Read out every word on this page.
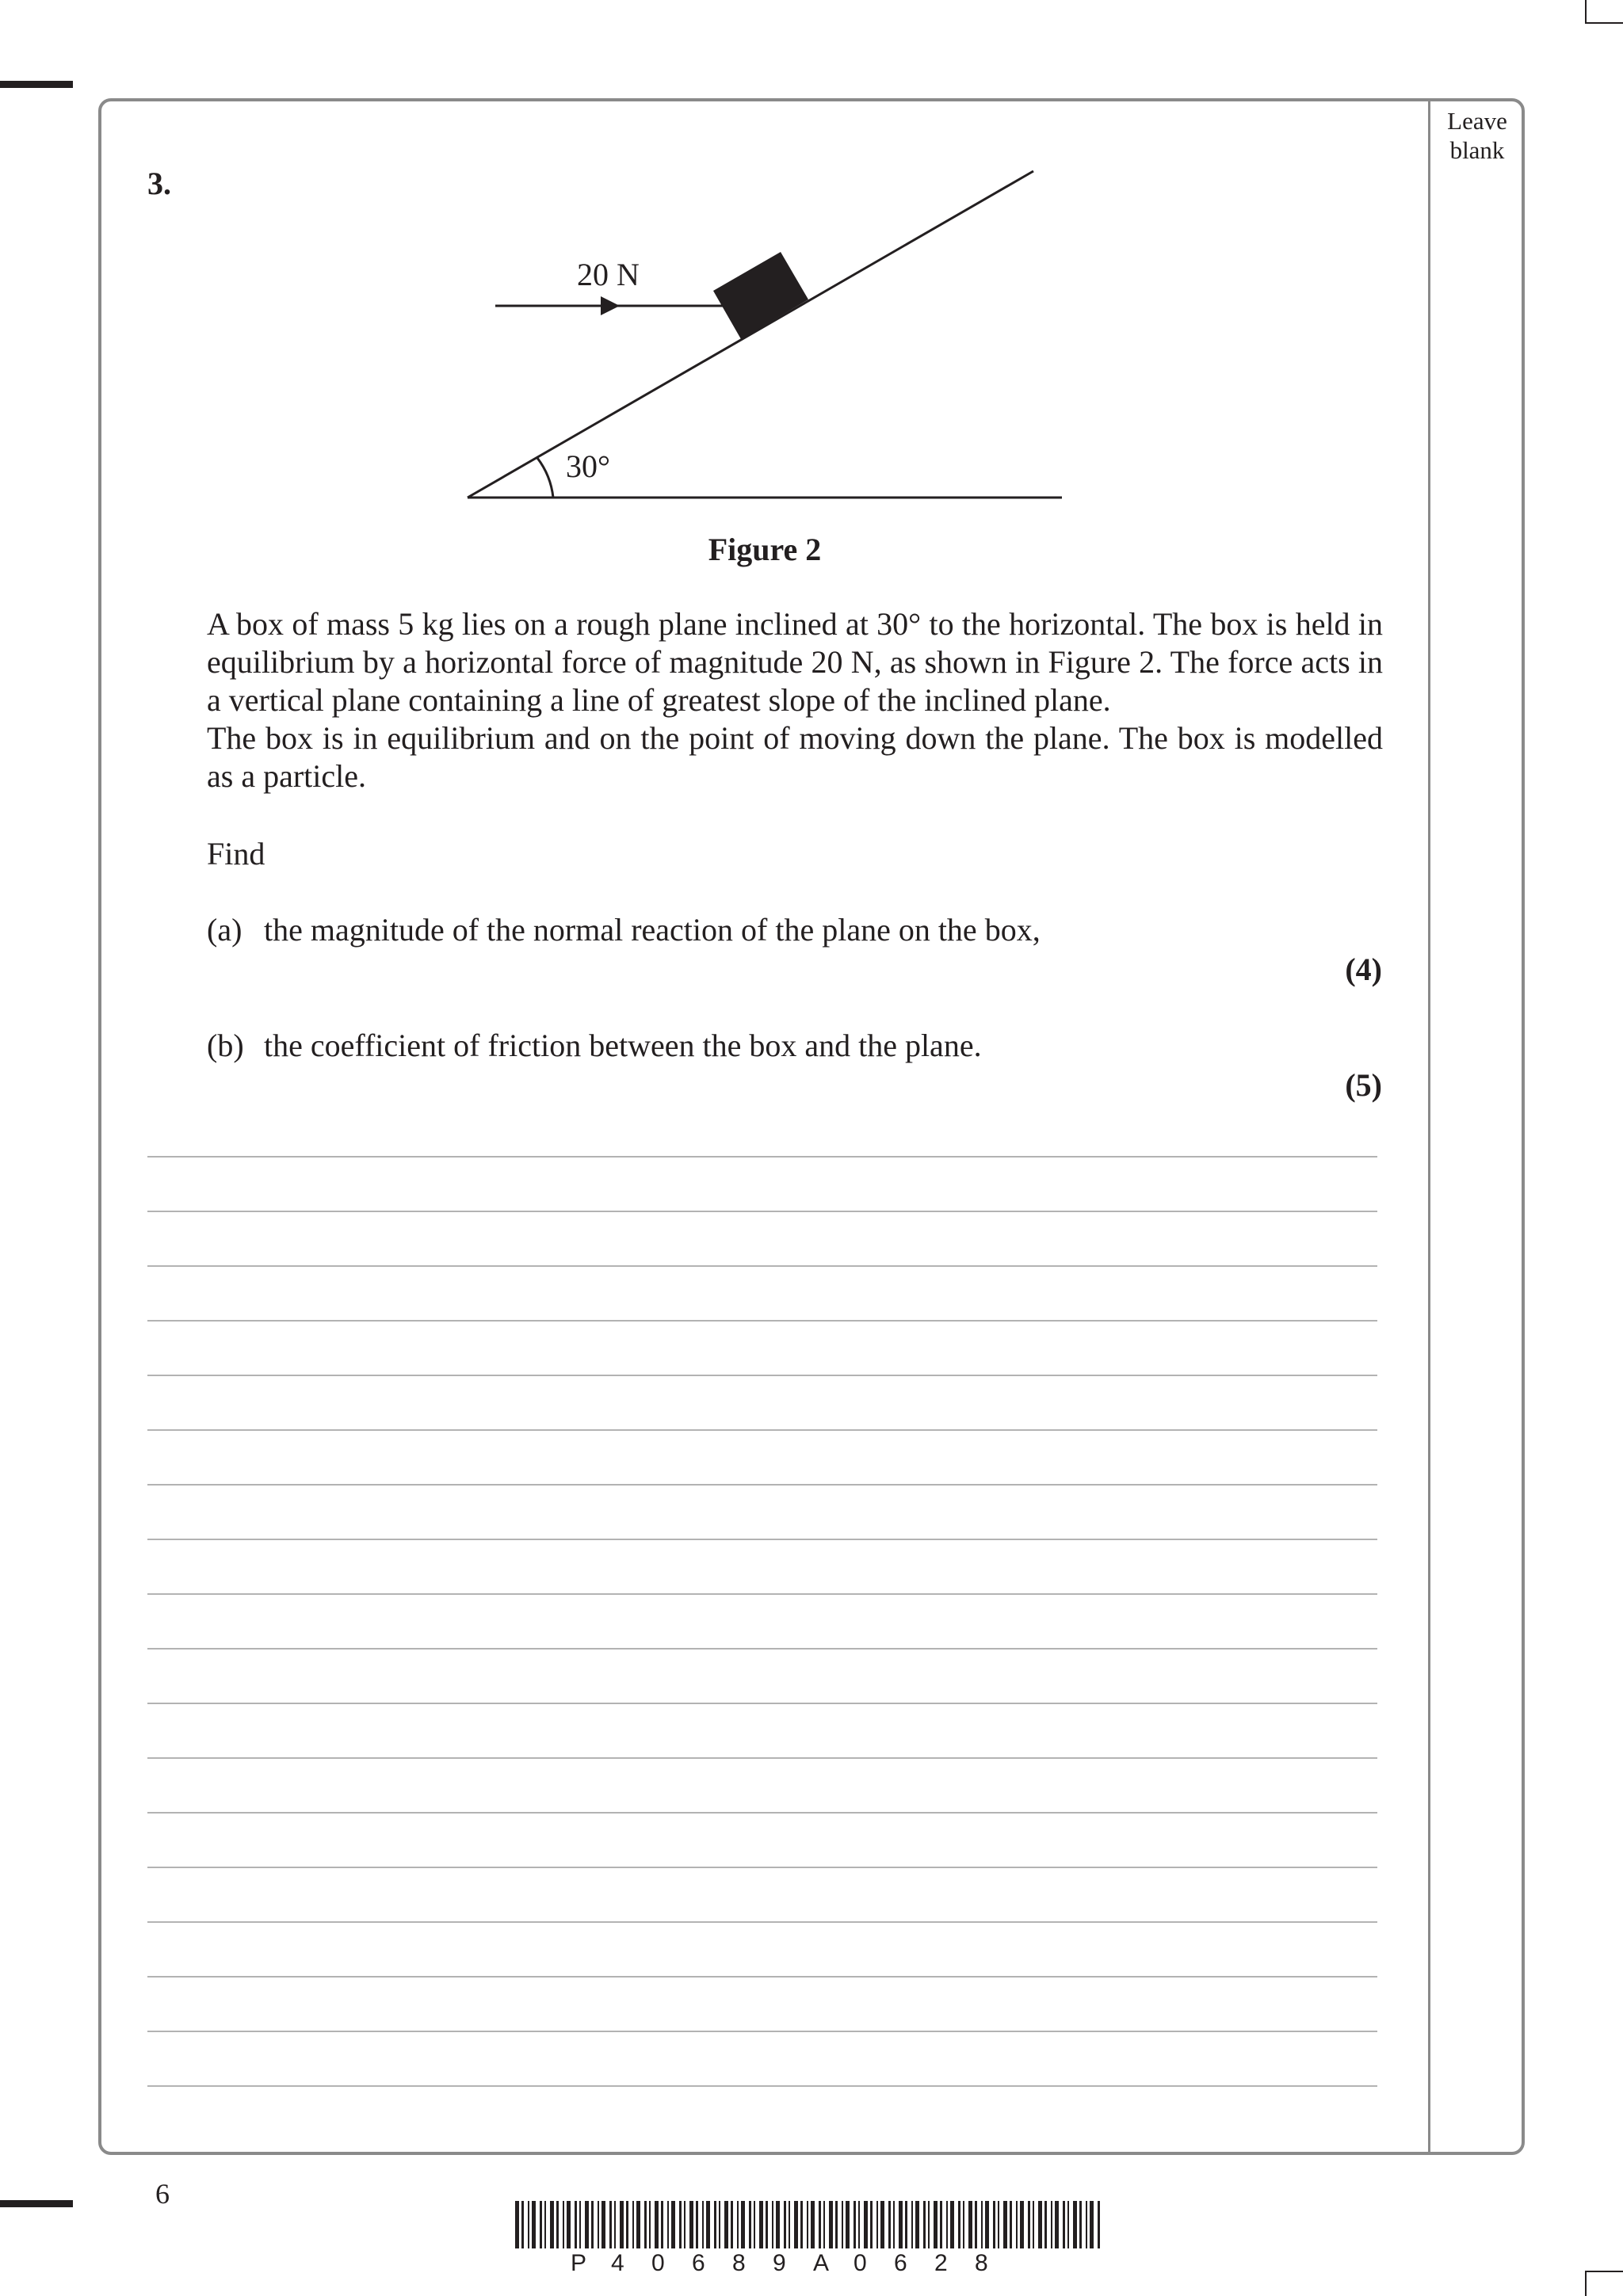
Leave
blank
3.
20 N
30°
Figure 2

A box of mass 5 kg lies on a rough plane inclined at 30° to the horizontal. The box is held in equilibrium by a horizontal force of magnitude 20 N, as shown in Figure 2. The force acts in a vertical plane containing a line of greatest slope of the inclined plane.

The box is in equilibrium and on the point of moving down the plane. The box is modelled as a particle.

Find
(a) the magnitude of the normal reaction of the plane on the box,
(4)
(b) the coefficient of friction between the box and the plane.
(5)
6
P 4 0 6 8 9 A 0 6 2 8
